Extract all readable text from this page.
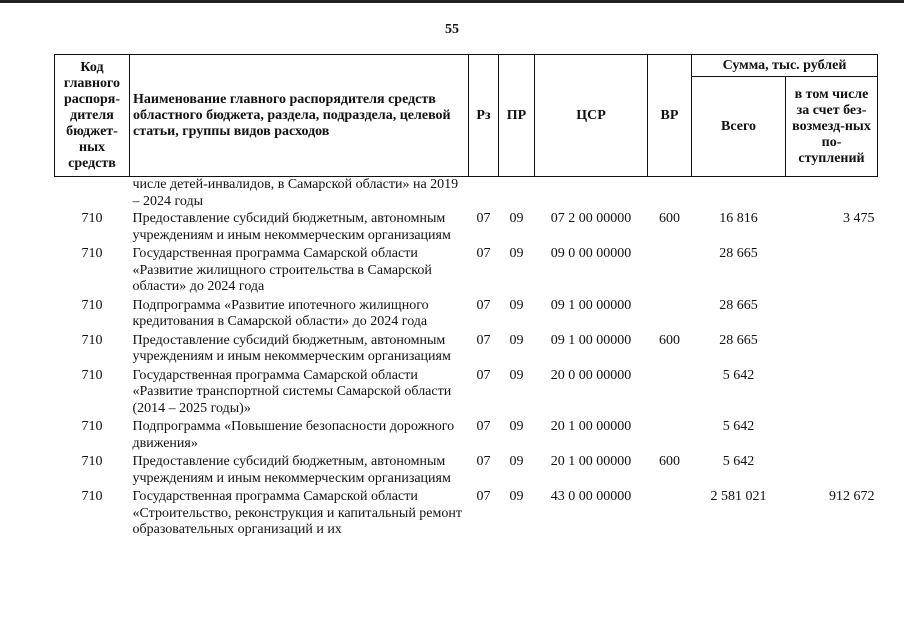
55
Код главного распоря-дителя бюджет-ных средств	Наименование главного распорядителя средств областного бюджета, раздела, подраздела, целевой статьи, группы видов расходов	Рз	ПР	ЦСР	ВР	Сумма, тыс. рублей	
						Всего	в том числе за счет без-возмезд-ных по-ступлений
	числе детей-инвалидов, в Самарской области» на 2019 – 2024 годы						
710	Предоставление субсидий бюджетным, автономным учреждениям и иным некоммерческим организациям	07	09	07 2 00 00000	600	16 816	3 475
710	Государственная программа Самарской области «Развитие жилищного строительства в Самарской области» до 2024 года	07	09	09 0 00 00000		28 665	
710	Подпрограмма «Развитие ипотечного жилищного кредитования в Самарской области» до 2024 года	07	09	09 1 00 00000		28 665	
710	Предоставление субсидий бюджетным, автономным учреждениям и иным некоммерческим организациям	07	09	09 1 00 00000	600	28 665	
710	Государственная программа Самарской области «Развитие транспортной системы Самарской области (2014 – 2025 годы)»	07	09	20 0 00 00000		5 642	
710	Подпрограмма «Повышение безопасности дорожного движения»	07	09	20 1 00 00000		5 642	
710	Предоставление субсидий бюджетным, автономным учреждениям и иным некоммерческим организациям	07	09	20 1 00 00000	600	5 642	
710	Государственная программа Самарской области «Строительство, реконструкция и капитальный ремонт образовательных организаций и их	07	09	43 0 00 00000		2 581 021	912 672
